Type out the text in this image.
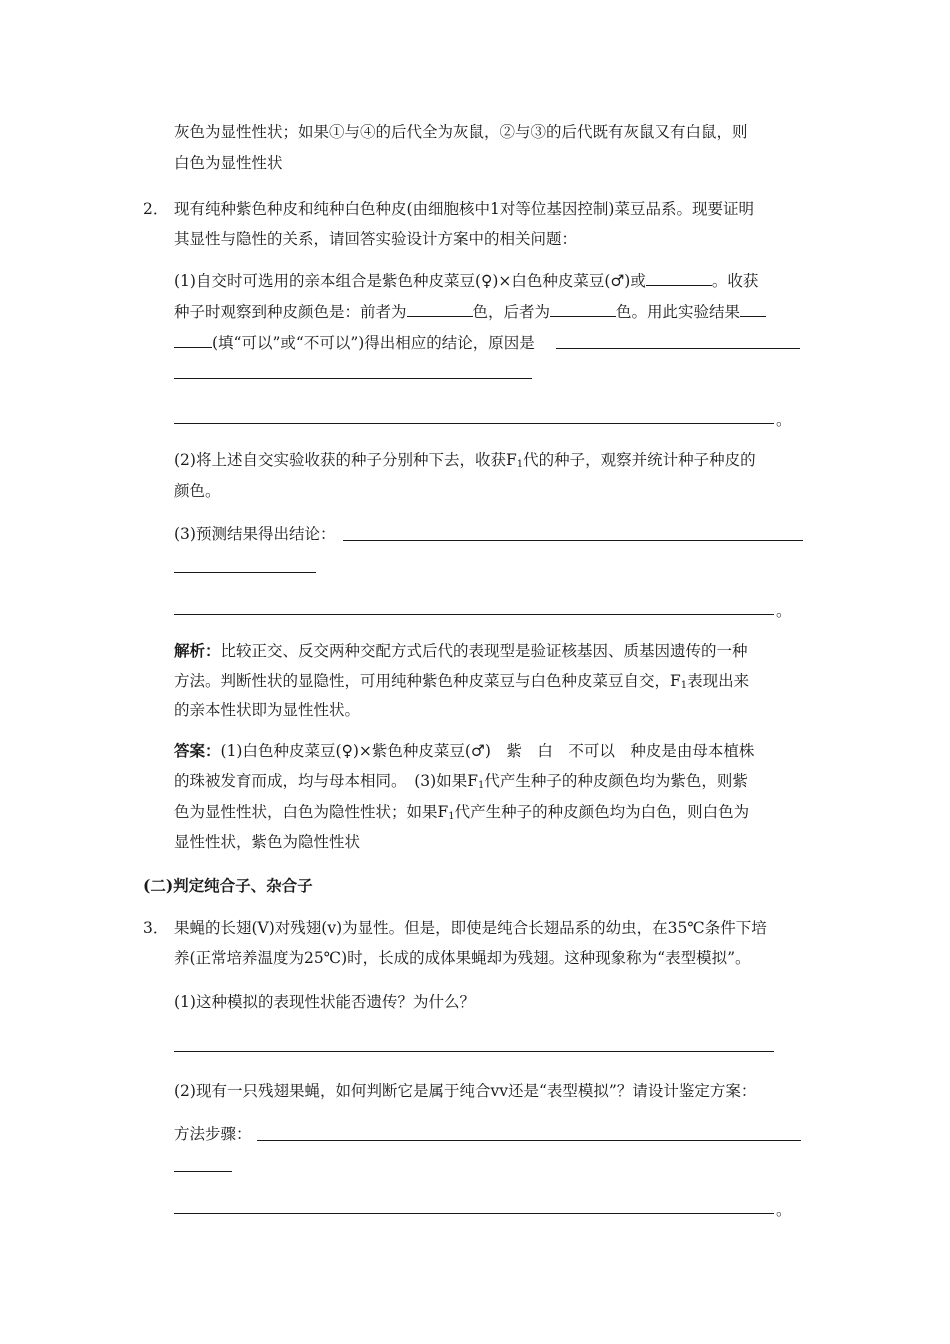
灰色为显性性状；如果①与④的后代全为灰鼠，②与③的后代既有灰鼠又有白鼠，则
白色为显性性状
2． 现有纯种紫色种皮和纯种白色种皮(由细胞核中1对等位基因控制)菜豆品系。现要证明
其显性与隐性的关系，请回答实验设计方案中的相关问题：
(1)自交时可选用的亲本组合是紫色种皮菜豆(♀)×白色种皮菜豆(♂)或	。收获
种子时观察到种皮颜色是：前者为	色，后者为	色。用此实验结果
(填“可以”或“不可以”)得出相应的结论，原因是
。
(2)将上述自交实验收获的种子分别种下去，收获$F_1$代的种子，观察并统计种子种皮的
颜色。
(3)预测结果得出结论：
。
解析：比较正交、反交两种交配方式后代的表现型是验证核基因、质基因遗传的一种
方法。判断性状的显隐性，可用纯种紫色种皮菜豆与白色种皮菜豆自交，$F_1$表现出来
的亲本性状即为显性性状。
答案：(1)白色种皮菜豆(♀)×紫色种皮菜豆(♂)　紫　白　不可以　种皮是由母本植株
的珠被发育而成，均与母本相同。　(3)如果$F_1$代产生种子的种皮颜色均为紫色，则紫
色为显性性状，白色为隐性性状；如果$F_1$代产生种子的种皮颜色均为白色，则白色为
显性性状，紫色为隐性性状
(二)判定纯合子、杂合子
3． 果蝇的长翅(V)对残翅(v)为显性。但是，即使是纯合长翅品系的幼虫，在35℃条件下培
养(正常培养温度为25℃)时，长成的成体果蝇却为残翅。这种现象称为“表型模拟”。
(1)这种模拟的表现性状能否遗传？为什么？
(2)现有一只残翅果蝇，如何判断它是属于纯合vv还是“表型模拟”？请设计鉴定方案：
方法步骤：
。
